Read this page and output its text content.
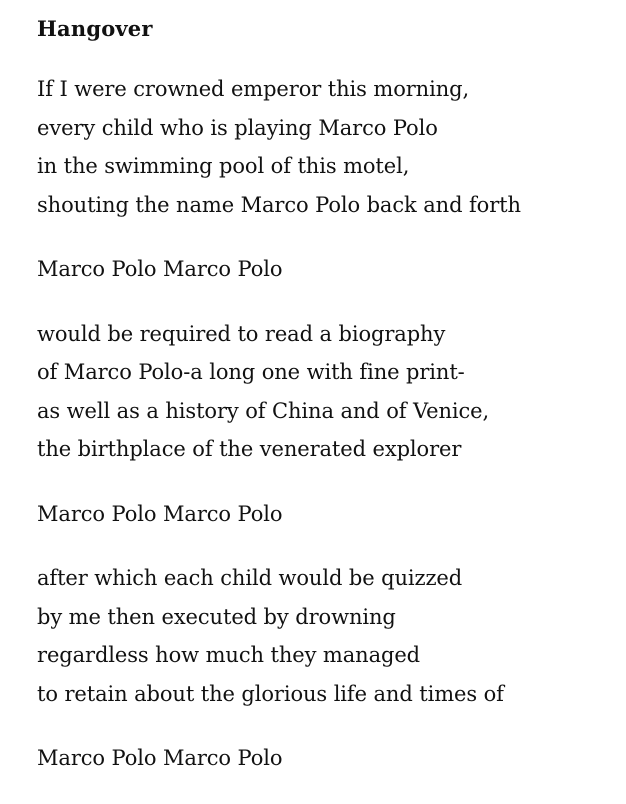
Hangover
If I were crowned emperor this morning,
every child who is playing Marco Polo
in the swimming pool of this motel,
shouting the name Marco Polo back and forth
Marco Polo Marco Polo
would be required to read a biography
of Marco Polo-a long one with fine print-
as well as a history of China and of Venice,
the birthplace of the venerated explorer
Marco Polo Marco Polo
after which each child would be quizzed
by me then executed by drowning
regardless how much they managed
to retain about the glorious life and times of
Marco Polo Marco Polo
